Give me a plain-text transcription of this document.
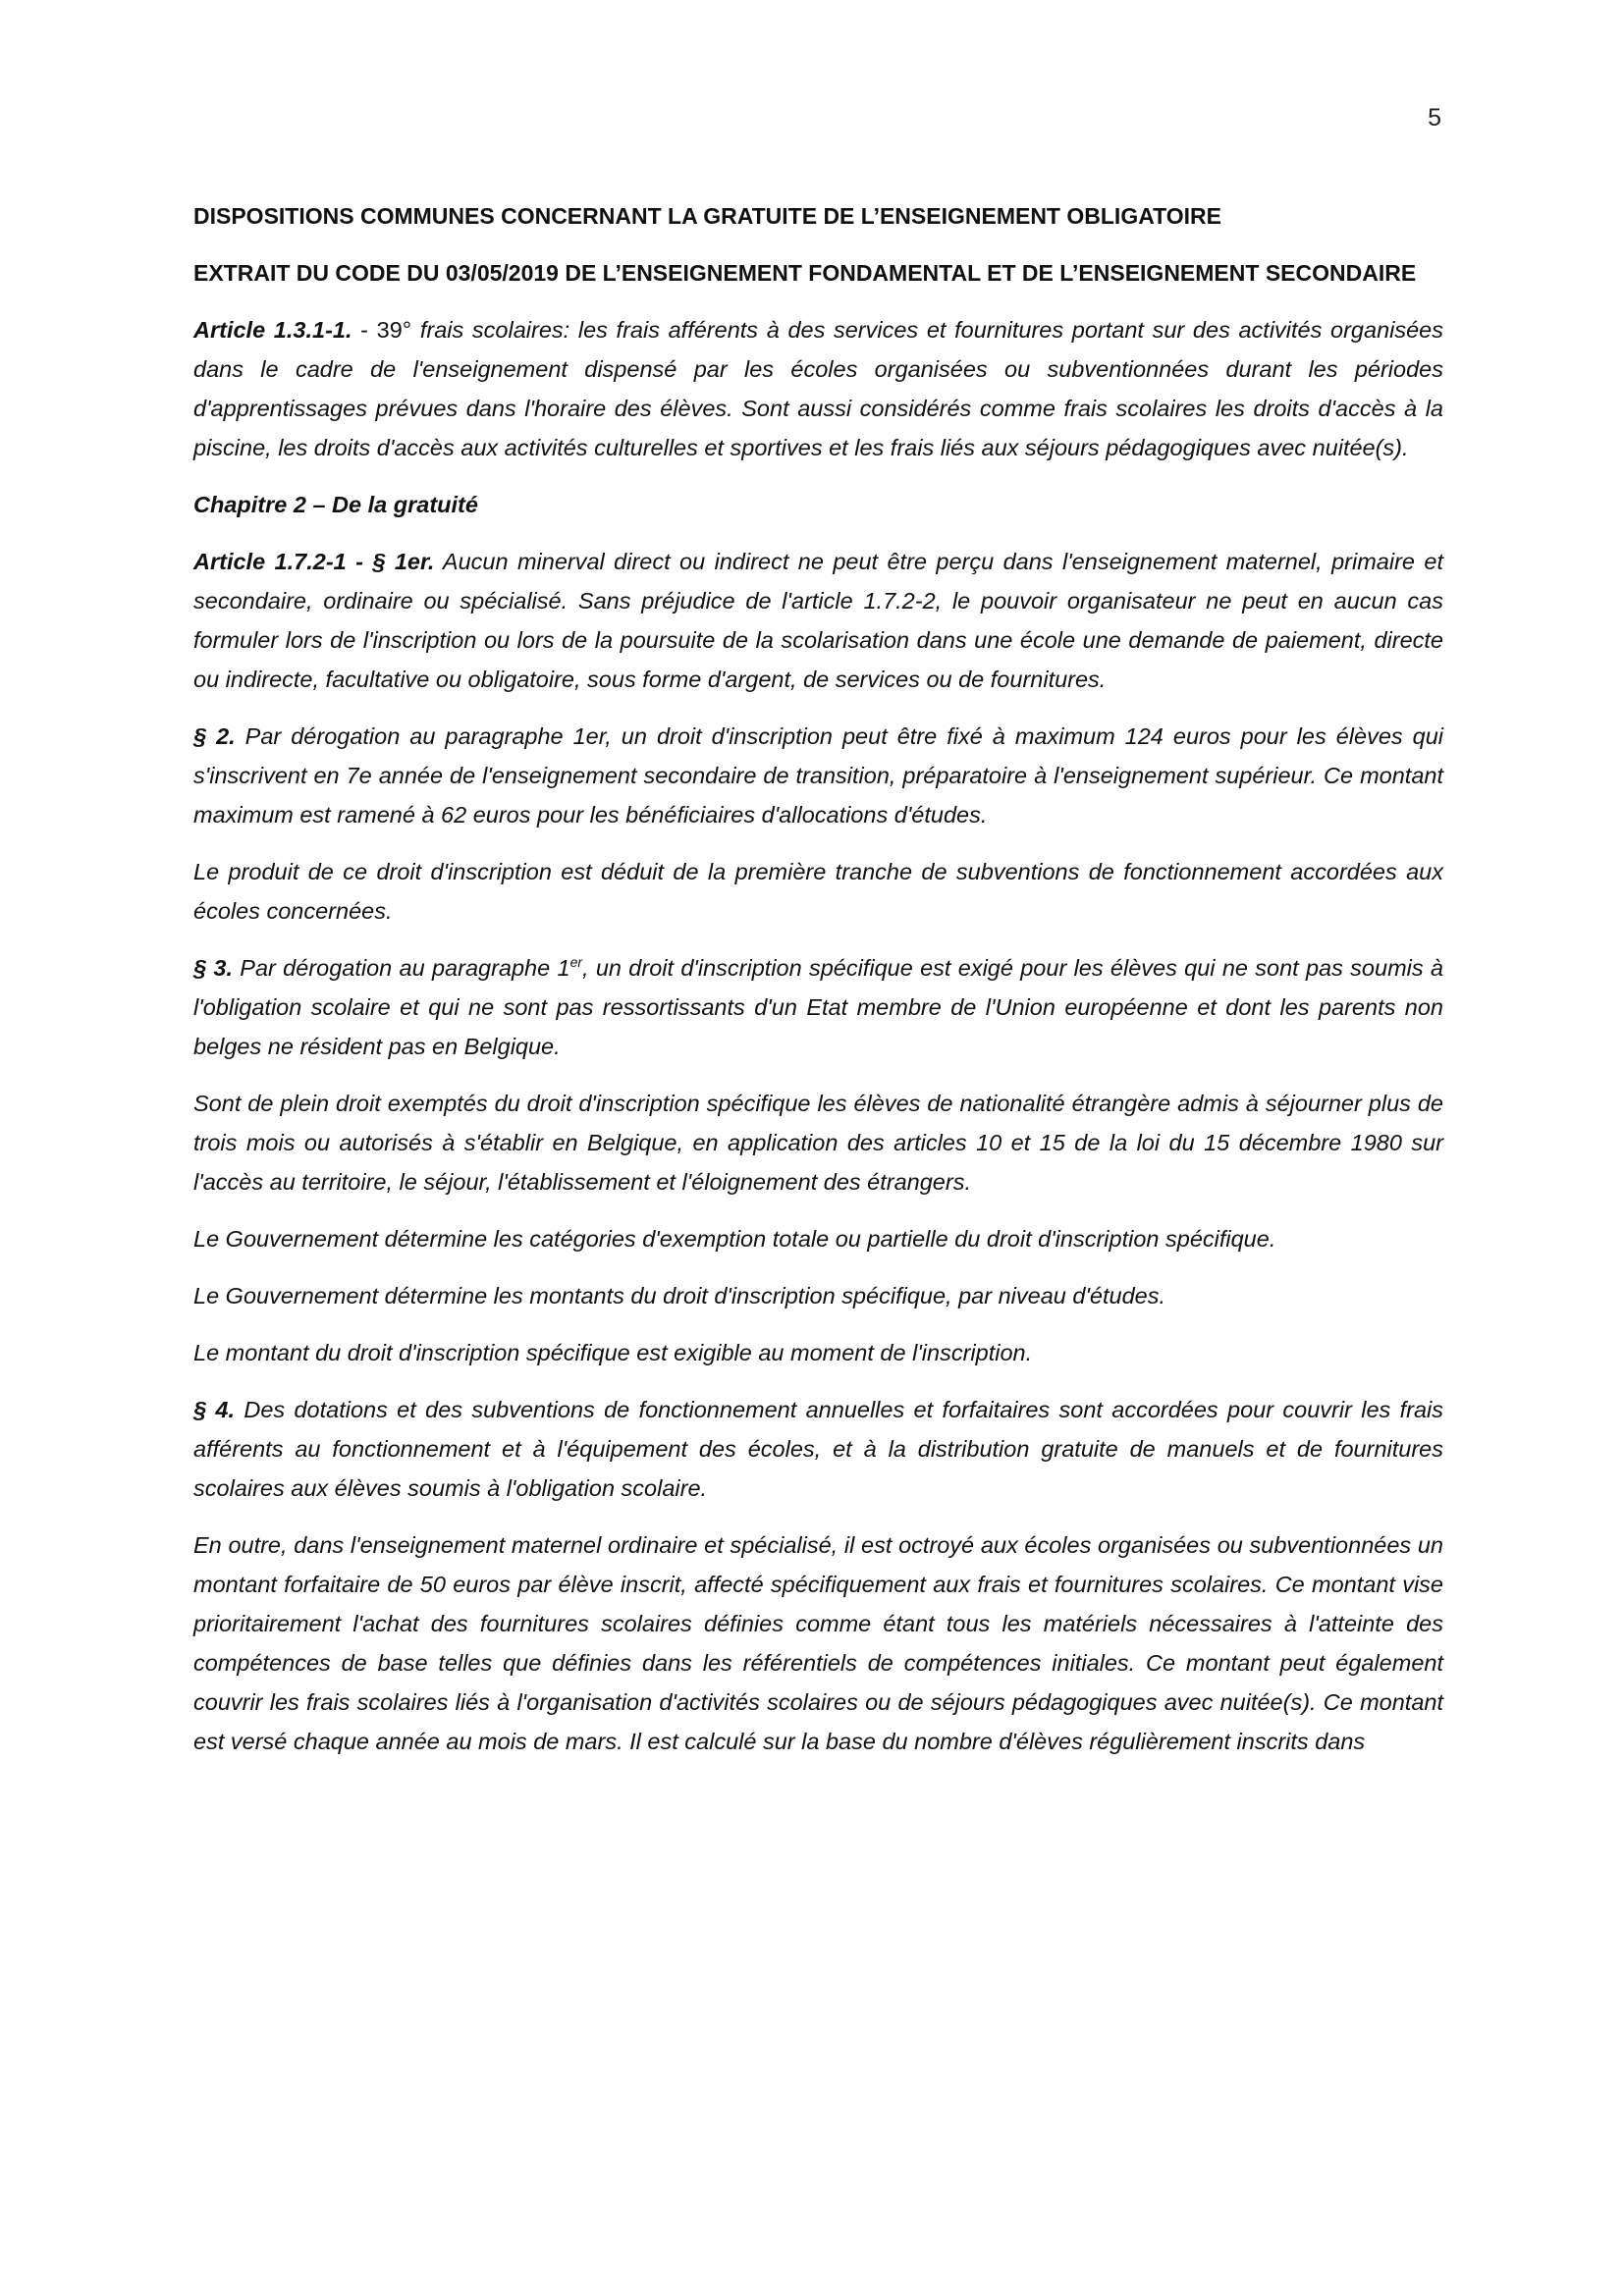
5

DISPOSITIONS COMMUNES CONCERNANT LA GRATUITE DE L’ENSEIGNEMENT OBLIGATOIRE

EXTRAIT DU CODE DU 03/05/2019 DE L’ENSEIGNEMENT FONDAMENTAL ET DE L’ENSEIGNEMENT SECONDAIRE

Article 1.3.1-1. - 39° frais scolaires: les frais afférents à des services et fournitures portant sur des activités organisées dans le cadre de l'enseignement dispensé par les écoles organisées ou subventionnées durant les périodes d'apprentissages prévues dans l'horaire des élèves. Sont aussi considérés comme frais scolaires les droits d'accès à la piscine, les droits d'accès aux activités culturelles et sportives et les frais liés aux séjours pédagogiques avec nuitée(s).

Chapitre 2 – De la gratuité

Article 1.7.2-1 - § 1er. Aucun minerval direct ou indirect ne peut être perçu dans l'enseignement maternel, primaire et secondaire, ordinaire ou spécialisé. Sans préjudice de l'article 1.7.2-2, le pouvoir organisateur ne peut en aucun cas formuler lors de l'inscription ou lors de la poursuite de la scolarisation dans une école une demande de paiement, directe ou indirecte, facultative ou obligatoire, sous forme d'argent, de services ou de fournitures.

§ 2. Par dérogation au paragraphe 1er, un droit d'inscription peut être fixé à maximum 124 euros pour les élèves qui s'inscrivent en 7e année de l'enseignement secondaire de transition, préparatoire à l'enseignement supérieur. Ce montant maximum est ramené à 62 euros pour les bénéficiaires d'allocations d'études.

Le produit de ce droit d'inscription est déduit de la première tranche de subventions de fonctionnement accordées aux écoles concernées.

§ 3. Par dérogation au paragraphe 1er, un droit d'inscription spécifique est exigé pour les élèves qui ne sont pas soumis à l'obligation scolaire et qui ne sont pas ressortissants d'un Etat membre de l'Union européenne et dont les parents non belges ne résident pas en Belgique.

Sont de plein droit exemptés du droit d'inscription spécifique les élèves de nationalité étrangère admis à séjourner plus de trois mois ou autorisés à s'établir en Belgique, en application des articles 10 et 15 de la loi du 15 décembre 1980 sur l'accès au territoire, le séjour, l'établissement et l'éloignement des étrangers.

Le Gouvernement détermine les catégories d'exemption totale ou partielle du droit d'inscription spécifique.

Le Gouvernement détermine les montants du droit d'inscription spécifique, par niveau d'études.

Le montant du droit d'inscription spécifique est exigible au moment de l'inscription.

§ 4. Des dotations et des subventions de fonctionnement annuelles et forfaitaires sont accordées pour couvrir les frais afférents au fonctionnement et à l'équipement des écoles, et à la distribution gratuite de manuels et de fournitures scolaires aux élèves soumis à l'obligation scolaire.

En outre, dans l'enseignement maternel ordinaire et spécialisé, il est octroyé aux écoles organisées ou subventionnées un montant forfaitaire de 50 euros par élève inscrit, affecté spécifiquement aux frais et fournitures scolaires. Ce montant vise prioritairement l'achat des fournitures scolaires définies comme étant tous les matériels nécessaires à l'atteinte des compétences de base telles que définies dans les référentiels de compétences initiales. Ce montant peut également couvrir les frais scolaires liés à l'organisation d'activités scolaires ou de séjours pédagogiques avec nuitée(s). Ce montant est versé chaque année au mois de mars. Il est calculé sur la base du nombre d'élèves régulièrement inscrits dans
